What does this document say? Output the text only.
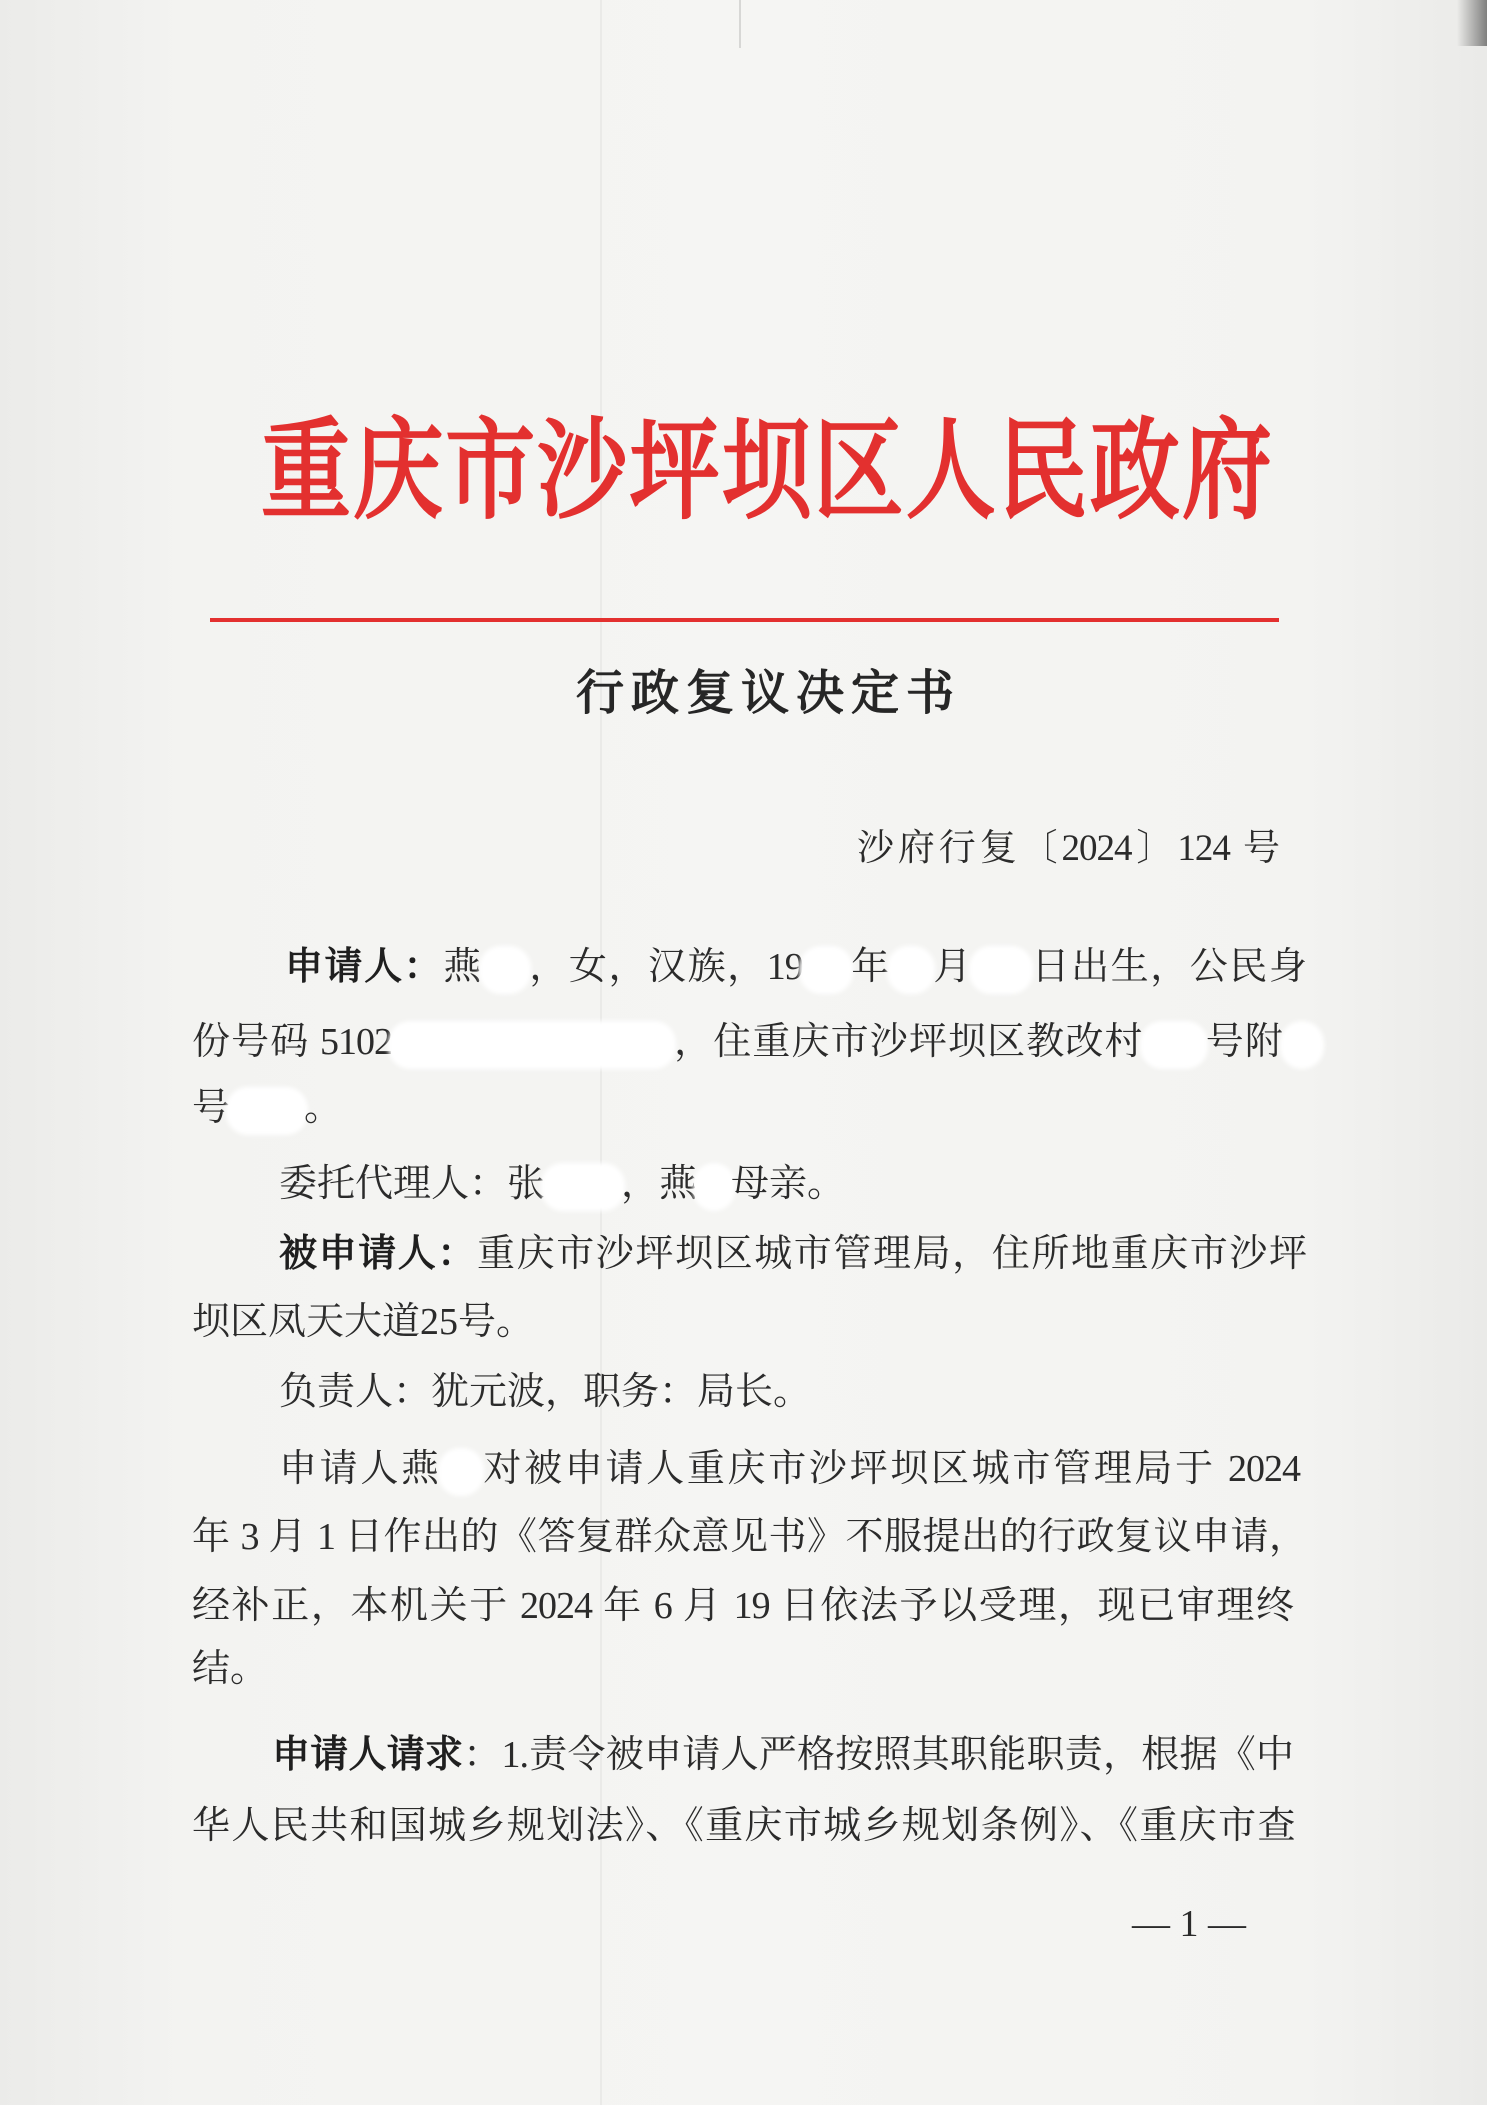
重庆市沙坪坝区人民政府
行政复议决定书
沙府行复〔2024〕124 号
申请人：燕 ，女，汉族，19 年 月 日出生，公民身
份号码 5102	，住重庆市沙坪坝区教改村 号附
号 。
委托代理人：张 ，燕 母亲。
被申请人：重庆市沙坪坝区城市管理局，住所地重庆市沙坪
坝区凤天大道25号。
负责人：犹元波，职务：局长。
申请人燕 对被申请人重庆市沙坪坝区城市管理局于 2024
年 3 月 1 日作出的《答复群众意见书》不服提出的行政复议申请，
经补正，本机关于 2024 年 6 月 19 日依法予以受理，现已审理终
结。
申请人请求：1.责令被申请人严格按照其职能职责，根据《中
华人民共和国城乡规划法》、《重庆市城乡规划条例》、《重庆市查
— 1 —
